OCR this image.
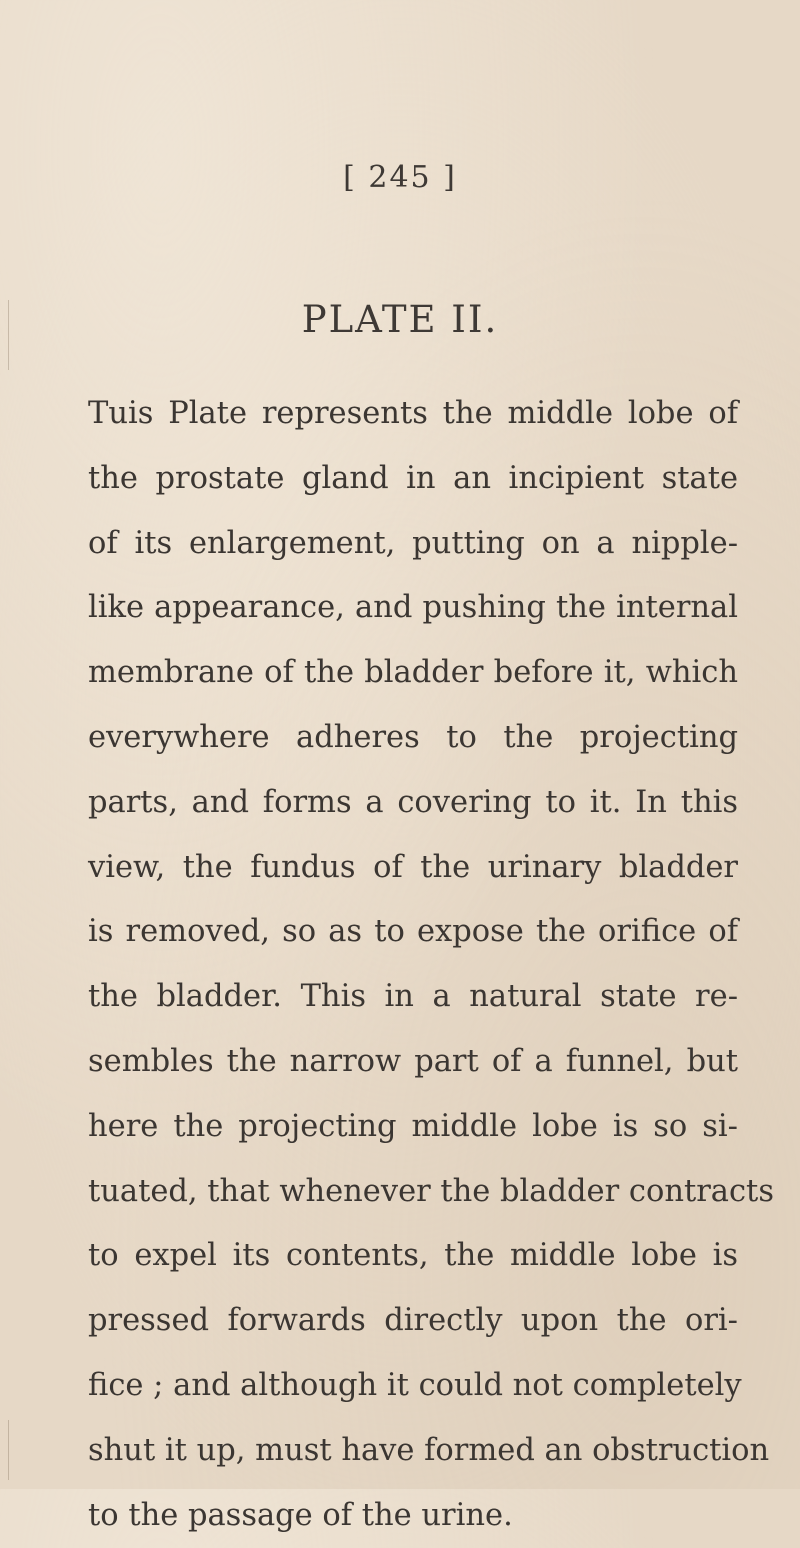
[ 245 ]
PLATE II.
Tuis Plate represents the middle lobe of
the prostate gland in an incipient state
of its enlargement, putting on a nipple-
like appearance, and pushing the internal
membrane of the bladder before it, which
everywhere adheres to the projecting
parts, and forms a covering to it. In this
view, the fundus of the urinary bladder
is removed, so as to expose the orifice of
the bladder. This in a natural state re-
sembles the narrow part of a funnel, but
here the projecting middle lobe is so si-
tuated, that whenever the bladder contracts
to expel its contents, the middle lobe is
pressed forwards directly upon the ori-
fice ; and although it could not completely
shut it up, must have formed an obstruction
to the passage of the urine.
